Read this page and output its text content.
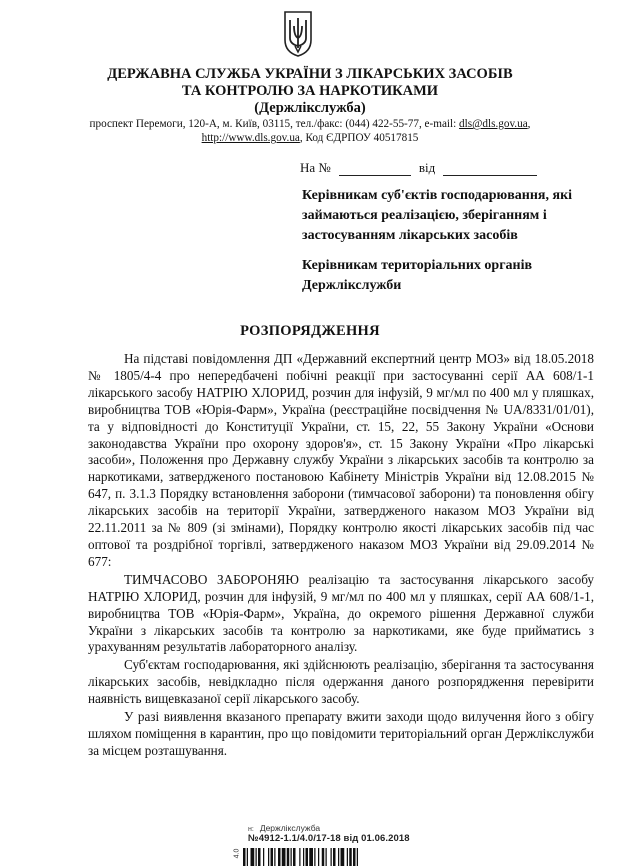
ДЕРЖАВНА СЛУЖБА УКРАЇНИ З ЛІКАРСЬКИХ ЗАСОБІВ
ТА КОНТРОЛЮ ЗА НАРКОТИКАМИ
(Держлікслужба)
проспект Перемоги, 120-А, м. Київ, 03115, тел./факс: (044) 422-55-77, e-mail: dls@dls.gov.ua,
http://www.dls.gov.ua, Код ЄДРПОУ 40517815
На №	від
Керівникам суб'єктів господарювання, які займаються реалізацією, зберіганням і застосуванням лікарських засобів
Керівникам територіальних органів Держлікслужби
РОЗПОРЯДЖЕННЯ

На підставі повідомлення ДП «Державний експертний центр МОЗ» від 18.05.2018 № 1805/4-4 про непередбачені побічні реакції при застосуванні серії АА 608/1-1 лікарського засобу НАТРІЮ ХЛОРИД, розчин для інфузій, 9 мг/мл по 400 мл у пляшках, виробництва ТОВ «Юрія-Фарм», Україна (реєстраційне посвідчення № UA/8331/01/01), та у відповідності до Конституції України, ст. 15, 22, 55 Закону України «Основи законодавства України про охорону здоров'я», ст. 15 Закону України «Про лікарські засоби», Положення про Державну службу України з лікарських засобів та контролю за наркотиками, затвердженого постановою Кабінету Міністрів України від 12.08.2015 № 647, п. 3.1.3 Порядку встановлення заборони (тимчасової заборони) та поновлення обігу лікарських засобів на території України, затвердженого наказом МОЗ України від 22.11.2011 за № 809 (зі змінами), Порядку контролю якості лікарських засобів під час оптової та роздрібної торгівлі, затвердженого наказом МОЗ України від 29.09.2014 № 677:

ТИМЧАСОВО ЗАБОРОНЯЮ реалізацію та застосування лікарського засобу НАТРІЮ ХЛОРИД, розчин для інфузій, 9 мг/мл по 400 мл у пляшках, серії АА 608/1-1, виробництва ТОВ «Юрія-Фарм», Україна, до окремого рішення Державної служби України з лікарських засобів та контролю за наркотиками, яке буде прийматись з урахуванням результатів лабораторного аналізу.

Суб'єктам господарювання, які здійснюють реалізацію, зберігання та застосування лікарських засобів, невідкладно після одержання даного розпорядження перевірити наявність вищевказаної серії лікарського засобу.

У разі виявлення вказаного препарату вжити заходи щодо вилучення його з обігу шляхом поміщення в карантин, про що повідомити територіальний орган Держлікслужби за місцем розташування.

н: Держлікслужба
№4912-1.1/4.0/17-18 від 01.06.2018
4.0
